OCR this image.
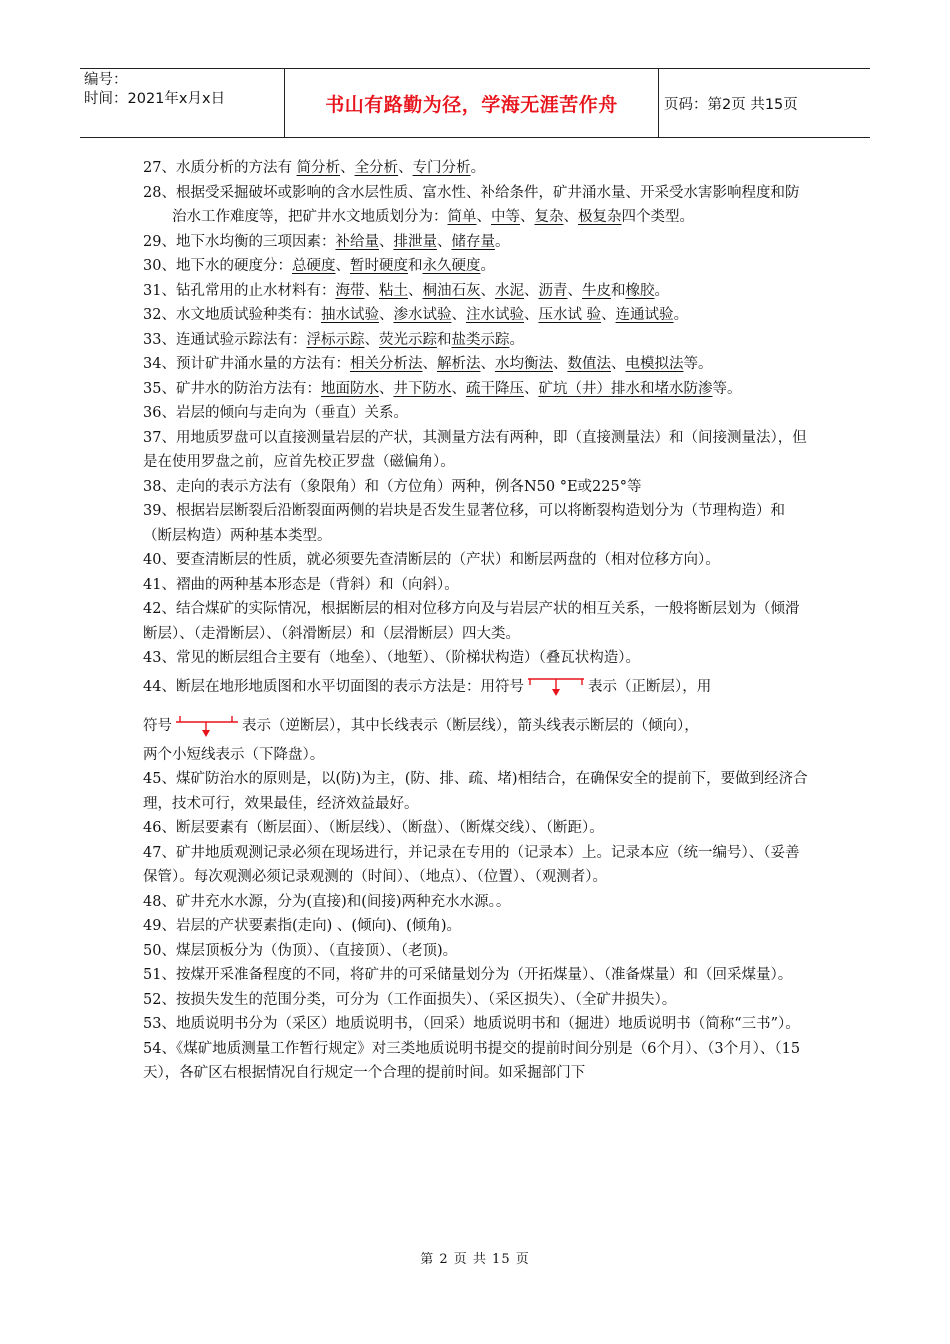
编号：
时间：2021年x月x日	书山有路勤为径，学海无涯苦作舟	页码：第2页 共15页
27、水质分析的方法有 简分析、全分析、专门分析。
28、根据受采掘破坏或影响的含水层性质、富水性、补给条件，矿井涌水量、开采受水害影响程度和防治水工作难度等，把矿井水文地质划分为：简单、中等、复杂、极复杂四个类型。
29、地下水均衡的三项因素：补给量、排泄量、储存量。
30、地下水的硬度分：总硬度、暂时硬度和永久硬度。
31、钻孔常用的止水材料有：海带、粘土、桐油石灰、水泥、沥青、牛皮和橡胶。
32、水文地质试验种类有：抽水试验、渗水试验、注水试验、压水试 验、连通试验。
33、连通试验示踪法有：浮标示踪、荧光示踪和盐类示踪。
34、预计矿井涌水量的方法有：相关分析法、解析法、水均衡法、数值法、电模拟法等。
35、矿井水的防治方法有：地面防水、井下防水、疏干降压、矿坑（井）排水和堵水防渗等。
36、岩层的倾向与走向为（垂直）关系。
37、用地质罗盘可以直接测量岩层的产状，其测量方法有两种，即（直接测量法）和（间接测量法），但是在使用罗盘之前，应首先校正罗盘（磁偏角）。
38、走向的表示方法有（象限角）和（方位角）两种，例各N50 °E或225°等
39、根据岩层断裂后沿断裂面两侧的岩块是否发生显著位移，可以将断裂构造划分为（节理构造）和（断层构造）两种基本类型。
40、要查清断层的性质，就必须要先查清断层的（产状）和断层两盘的（相对位移方向）。
41、褶曲的两种基本形态是（背斜）和（向斜）。
42、结合煤矿的实际情况，根据断层的相对位移方向及与岩层产状的相互关系，一般将断层划为（倾滑断层）、（走滑断层）、（斜滑断层）和（层滑断层）四大类。
43、常见的断层组合主要有（地垒）、（地堑）、（阶梯状构造）（叠瓦状构造）。
44、断层在地形地质图和水平切面图的表示方法是：用符号	表示（正断层），用
符号	表示（逆断层），其中长线表示（断层线），箭头线表示断层的（倾向），
两个小短线表示（下降盘）。
45、煤矿防治水的原则是，以(防)为主，(防、排、疏、堵)相结合，在确保安全的提前下，要做到经济合理，技术可行，效果最佳，经济效益最好。
46、断层要素有（断层面）、（断层线）、（断盘）、（断煤交线）、（断距）。
47、矿井地质观测记录必须在现场进行，并记录在专用的（记录本）上。记录本应（统一编号）、（妥善保管）。每次观测必须记录观测的（时间）、（地点）、（位置）、（观测者）。
48、矿井充水水源，分为(直接)和(间接)两种充水水源。。
49、岩层的产状要素指(走向) 、(倾向)、(倾角)。
50、煤层顶板分为（伪顶）、（直接顶）、（老顶)。
51、按煤开采准备程度的不同，将矿井的可采储量划分为（开拓煤量）、（准备煤量）和（回采煤量）。
52、按损失发生的范围分类，可分为（工作面损失）、（采区损失）、（全矿井损失）。
53、地质说明书分为（采区）地质说明书，（回采）地质说明书和（掘进）地质说明书（简称“三书”）。
54、《煤矿地质测量工作暂行规定》对三类地质说明书提交的提前时间分别是（6个月）、（3个月）、（15天），各矿区右根据情况自行规定一个合理的提前时间。如采掘部门下
第 2 页 共 15 页
